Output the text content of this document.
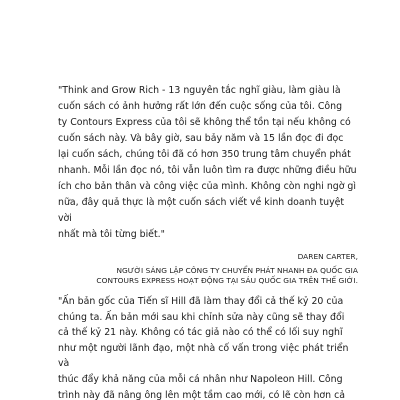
"Think and Grow Rich - 13 nguyên tắc nghĩ giàu, làm giàu là
cuốn sách có ảnh hưởng rất lớn đến cuộc sống của tôi. Công
ty Contours Express của tôi sẽ không thể tồn tại nếu không có
cuốn sách này. Và bây giờ, sau bảy năm và 15 lần đọc đi đọc
lại cuốn sách, chúng tôi đã có hơn 350 trung tâm chuyển phát
nhanh. Mỗi lần đọc nó, tôi vẫn luôn tìm ra được những điều hữu
ích cho bản thân và công việc của mình. Không còn nghi ngờ gì
nữa, đây quả thực là một cuốn sách viết về kinh doanh tuyệt vời
nhất mà tôi từng biết."

DAREN CARTER,
NGƯỜI SÁNG LẬP CÔNG TY CHUYỂN PHÁT NHANH ĐA QUỐC GIA
CONTOURS EXPRESS HOẠT ĐỘNG TẠI SÁU QUỐC GIA TRÊN THẾ GIỚI.

"Ấn bản gốc của Tiến sĩ Hill đã làm thay đổi cả thế kỷ 20 của
chúng ta. Ấn bản mới sau khi chỉnh sửa này cũng sẽ thay đổi
cả thế kỷ 21 này. Không có tác giả nào có thể có lối suy nghĩ
như một người lãnh đạo, một nhà cố vấn trong việc phát triển và
thúc đẩy khả năng của mỗi cá nhân như Napoleon Hill. Công
trình này đã nâng ông lên một tầm cao mới, có lẽ còn hơn cả
